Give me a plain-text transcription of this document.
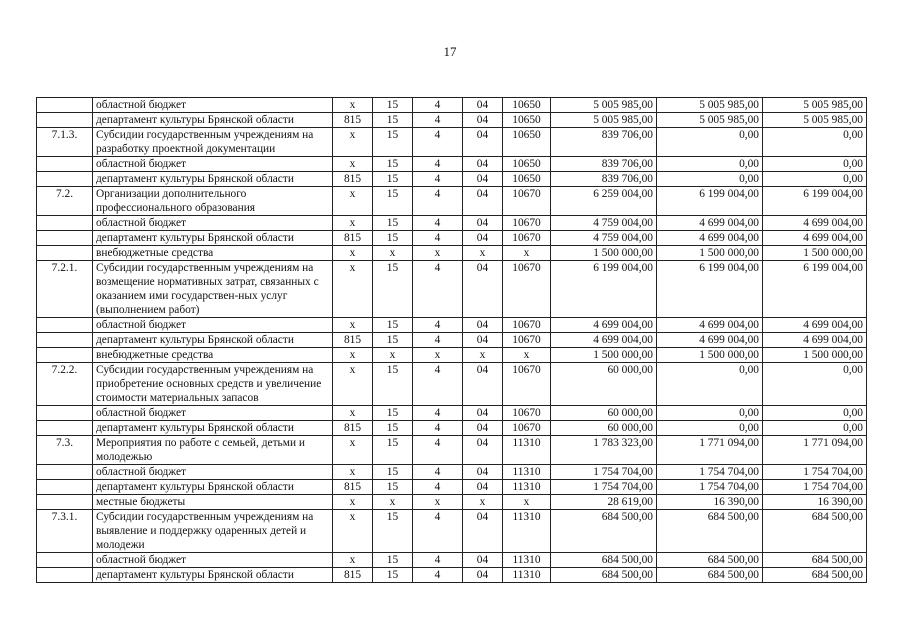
17
	областной бюджет	х	15	4	04	10650	5 005 985,00	5 005 985,00	5 005 985,00
	департамент культуры Брянской области	815	15	4	04	10650	5 005 985,00	5 005 985,00	5 005 985,00
7.1.3.	Субсидии государственным учреждениям на разработку проектной документации	х	15	4	04	10650	839 706,00	0,00	0,00
	областной бюджет	х	15	4	04	10650	839 706,00	0,00	0,00
	департамент культуры Брянской области	815	15	4	04	10650	839 706,00	0,00	0,00
7.2.	Организации дополнительного профессионального образования	х	15	4	04	10670	6 259 004,00	6 199 004,00	6 199 004,00
	областной бюджет	х	15	4	04	10670	4 759 004,00	4 699 004,00	4 699 004,00
	департамент культуры Брянской области	815	15	4	04	10670	4 759 004,00	4 699 004,00	4 699 004,00
	внебюджетные средства	х	х	х	х	х	1 500 000,00	1 500 000,00	1 500 000,00
7.2.1.	Субсидии государственным учреждениям на возмещение нормативных затрат, связанных с оказанием ими государствен-ных услуг (выполнением работ)	х	15	4	04	10670	6 199 004,00	6 199 004,00	6 199 004,00
	областной бюджет	х	15	4	04	10670	4 699 004,00	4 699 004,00	4 699 004,00
	департамент культуры Брянской области	815	15	4	04	10670	4 699 004,00	4 699 004,00	4 699 004,00
	внебюджетные средства	х	х	х	х	х	1 500 000,00	1 500 000,00	1 500 000,00
7.2.2.	Субсидии государственным учреждениям на приобретение основных средств и увеличение стоимости материальных запасов	х	15	4	04	10670	60 000,00	0,00	0,00
	областной бюджет	х	15	4	04	10670	60 000,00	0,00	0,00
	департамент культуры Брянской области	815	15	4	04	10670	60 000,00	0,00	0,00
7.3.	Мероприятия по работе с семьей, детьми и молодежью	х	15	4	04	11310	1 783 323,00	1 771 094,00	1 771 094,00
	областной бюджет	х	15	4	04	11310	1 754 704,00	1 754 704,00	1 754 704,00
	департамент культуры Брянской области	815	15	4	04	11310	1 754 704,00	1 754 704,00	1 754 704,00
	местные бюджеты	х	х	х	х	х	28 619,00	16 390,00	16 390,00
7.3.1.	Субсидии государственным учреждениям на выявление и поддержку одаренных детей и молодежи	х	15	4	04	11310	684 500,00	684 500,00	684 500,00
	областной бюджет	х	15	4	04	11310	684 500,00	684 500,00	684 500,00
	департамент культуры Брянской области	815	15	4	04	11310	684 500,00	684 500,00	684 500,00
